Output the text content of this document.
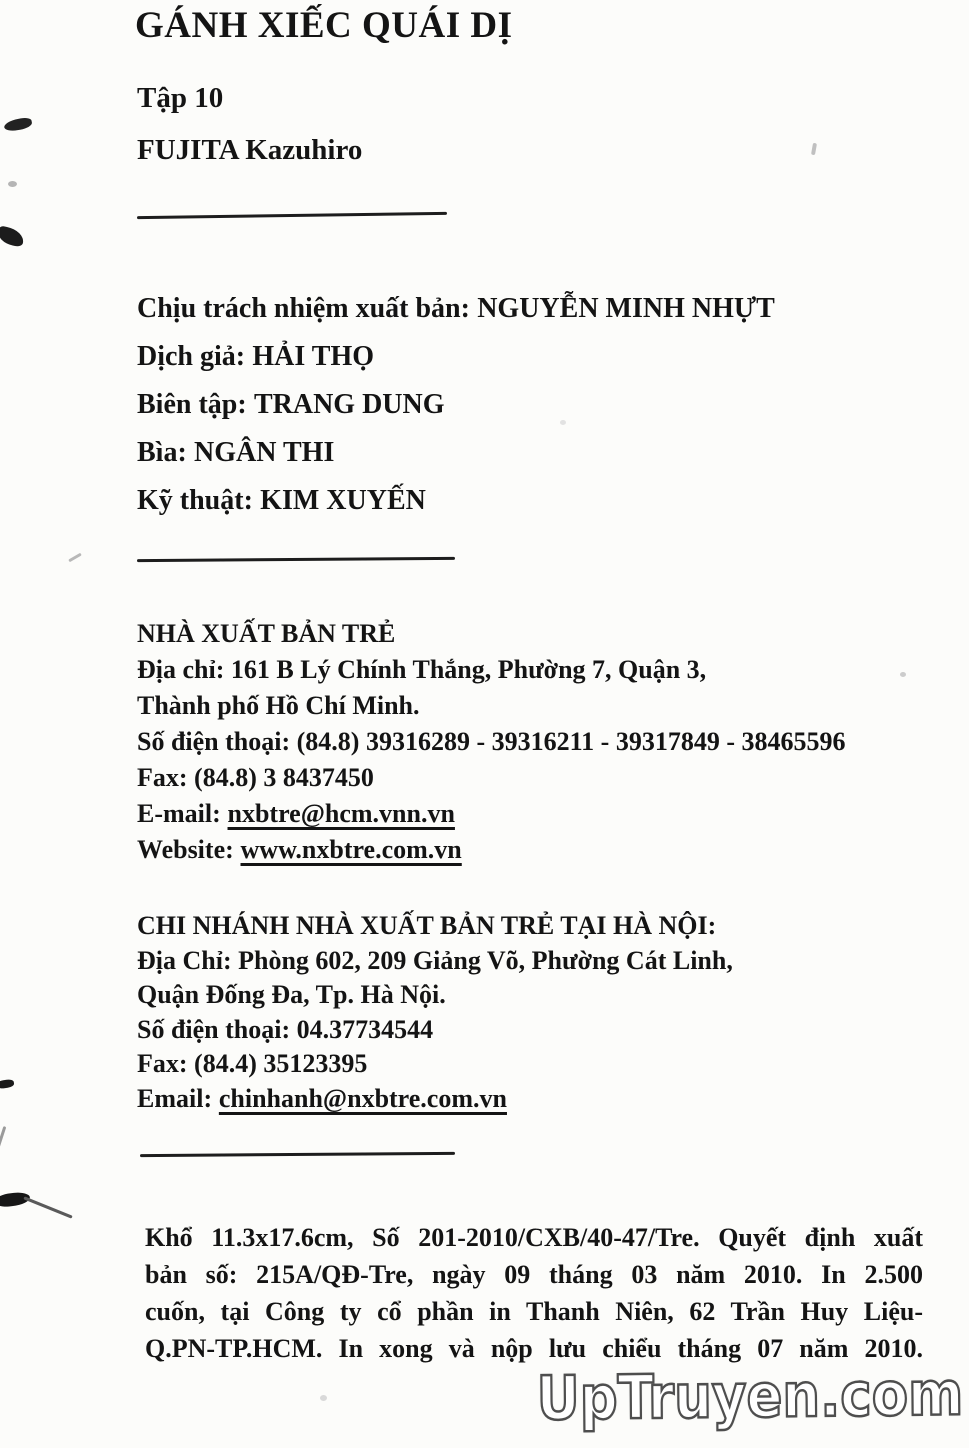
GÁNH XIẾC QUÁI DỊ
Tập 10
FUJITA Kazuhiro
Chịu trách nhiệm xuất bản: NGUYỄN MINH NHỰT
Dịch giả: HẢI THỌ
Biên tập: TRANG DUNG
Bìa: NGÂN THI
Kỹ thuật: KIM XUYẾN
NHÀ XUẤT BẢN TRẺ
Địa chỉ: 161 B Lý Chính Thắng, Phường 7, Quận 3,
Thành phố Hồ Chí Minh.
Số điện thoại: (84.8) 39316289 - 39316211 - 39317849 - 38465596
Fax: (84.8) 3 8437450
E-mail: nxbtre@hcm.vnn.vn
Website: www.nxbtre.com.vn
CHI NHÁNH NHÀ XUẤT BẢN TRẺ TẠI HÀ NỘI:
Địa Chỉ: Phòng 602, 209 Giảng Võ, Phường Cát Linh,
Quận Đống Đa, Tp. Hà Nội.
Số điện thoại: 04.37734544
Fax: (84.4) 35123395
Email: chinhanh@nxbtre.com.vn
Khổ 11.3x17.6cm, Số 201-2010/CXB/40-47/Tre. Quyết định xuất
bản số: 215A/QĐ-Tre, ngày 09 tháng 03 năm 2010. In 2.500
cuốn, tại Công ty cổ phần in Thanh Niên, 62 Trần Huy Liệu-
Q.PN-TP.HCM. In xong và nộp lưu chiểu tháng 07 năm 2010.
UpTruyen.com
